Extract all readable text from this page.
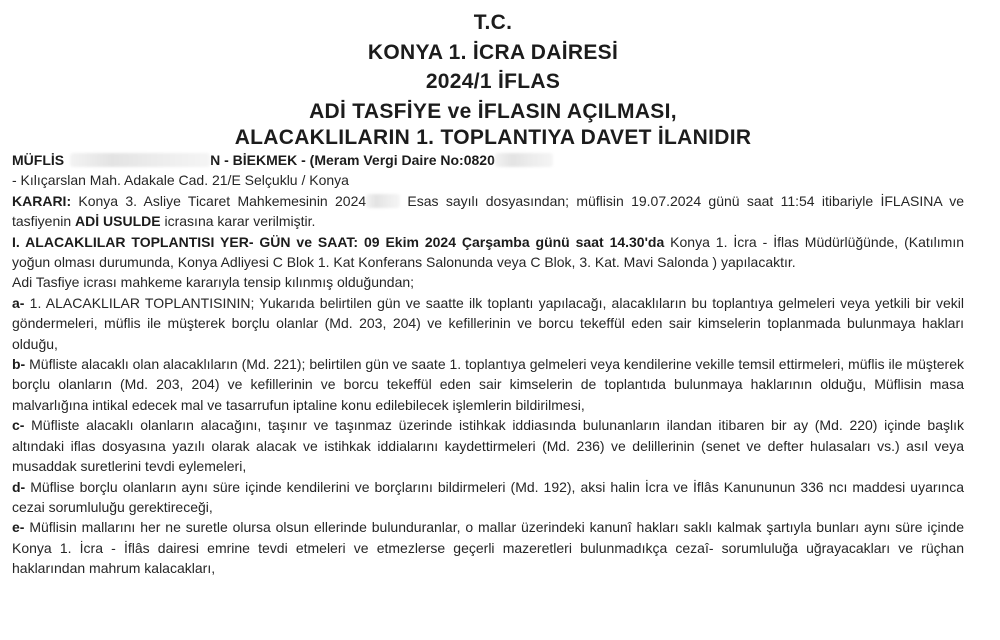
T.C.
KONYA 1. İCRA DAİRESİ
2024/1 İFLAS
ADİ TASFİYE ve İFLASIN AÇILMASI,
ALACAKLILARIN 1. TOPLANTIYA DAVET İLANIDIR

MÜFLİS	N - BİEKMEK - (Meram Vergi Daire No:0820

- Kılıçarslan Mah. Adakale Cad. 21/E Selçuklu / Konya

KARARI: Konya 3. Asliye Ticaret Mahkemesinin 2024	Esas sayılı dosyasından; müflisin 19.07.2024 günü saat 11:54 itibariyle İFLASINA ve tasfiyenin ADİ USULDE icrasına karar verilmiştir.

I. ALACAKLILAR TOPLANTISI YER- GÜN ve SAAT: 09 Ekim 2024 Çarşamba günü saat 14.30'da Konya 1. İcra - İflas Müdürlüğünde, (Katılımın yoğun olması durumunda, Konya Adliyesi C Blok 1. Kat Konferans Salonunda veya C Blok, 3. Kat. Mavi Salonda ) yapılacaktır.

Adi Tasfiye icrası mahkeme kararıyla tensip kılınmış olduğundan;

a- 1. ALACAKLILAR TOPLANTISININ; Yukarıda belirtilen gün ve saatte ilk toplantı yapılacağı, alacaklıların bu toplantıya gelmeleri veya yetkili bir vekil göndermeleri, müflis ile müşterek borçlu olanlar (Md. 203, 204) ve kefillerinin ve borcu tekeffül eden sair kimselerin toplanmada bulunmaya hakları olduğu,

b- Müfliste alacaklı olan alacaklıların (Md. 221); belirtilen gün ve saate 1. toplantıya gelmeleri veya kendilerine vekille temsil ettirmeleri, müflis ile müşterek borçlu olanların (Md. 203, 204) ve kefillerinin ve borcu tekeffül eden sair kimselerin de toplantıda bulunmaya haklarının olduğu, Müflisin masa malvarlığına intikal edecek mal ve tasarrufun iptaline konu edilebilecek işlemlerin bildirilmesi,

c- Müfliste alacaklı olanların alacağını, taşınır ve taşınmaz üzerinde istihkak iddiasında bulunanların ilandan itibaren bir ay (Md. 220) içinde başlık altındaki iflas dosyasına yazılı olarak alacak ve istihkak iddialarını kaydettirmeleri (Md. 236) ve delillerinin (senet ve defter hulasaları vs.) asıl veya musaddak suretlerini tevdi eylemeleri,

d- Müflise borçlu olanların aynı süre içinde kendilerini ve borçlarını bildirmeleri (Md. 192), aksi halin İcra ve İflâs Kanununun 336 ncı maddesi uyarınca cezai sorumluluğu gerektireceği,

e- Müflisin mallarını her ne suretle olursa olsun ellerinde bulunduranlar, o mallar üzerindeki kanunî hakları saklı kalmak şartıyla bunları aynı süre içinde Konya 1. İcra - İflâs dairesi emrine tevdi etmeleri ve etmezlerse geçerli mazeretleri bulunmadıkça cezaî- sorumluluğa uğrayacakları ve rüçhan haklarından mahrum kalacakları,
